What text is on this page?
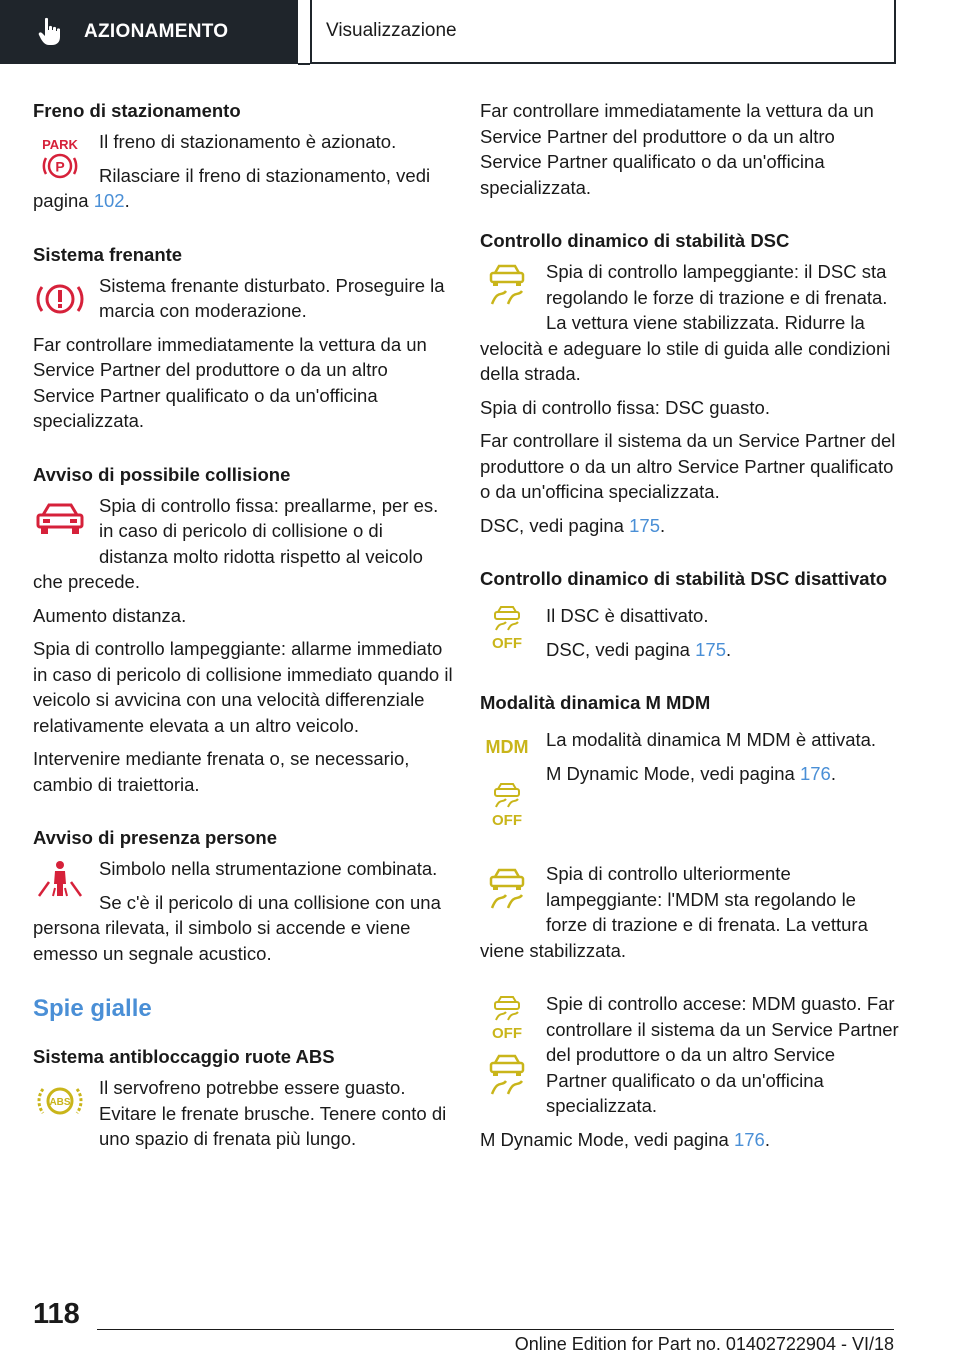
AZIONAMENTO	Visualizzazione

Freno di stazionamento

PARK
P

Il freno di stazionamento è azionato.

Rilasciare il freno di stazionamento, vedi pagina 102.

Sistema frenante

Sistema frenante disturbato. Proseguire la marcia con moderazione.

Far controllare immediatamente la vettura da un Service Partner del produttore o da un altro Service Partner qualificato o da un'officina specializzata.

Avviso di possibile collisione

Spia di controllo fissa: preallarme, per es. in caso di pericolo di collisione o di distanza molto ridotta rispetto al veicolo che precede.

Aumento distanza.

Spia di controllo lampeggiante: allarme immediato in caso di pericolo di collisione immediato quando il veicolo si avvicina con una velocità differenziale relativamente elevata a un altro veicolo.

Intervenire mediante frenata o, se necessario, cambio di traiettoria.

Avviso di presenza persone

Simbolo nella strumentazione combinata.

Se c'è il pericolo di una collisione con una persona rilevata, il simbolo si accende e viene emesso un segnale acustico.

Spie gialle

Sistema antibloccaggio ruote ABS

ABS

Il servofreno potrebbe essere guasto. Evitare le frenate brusche. Tenere conto di uno spazio di frenata più lungo.

Far controllare immediatamente la vettura da un Service Partner del produttore o da un altro Service Partner qualificato o da un'officina specializzata.

Controllo dinamico di stabilità DSC

Spia di controllo lampeggiante: il DSC sta regolando le forze di trazione e di frenata. La vettura viene stabilizzata. Ridurre la velocità e adeguare lo stile di guida alle condizioni della strada.

Spia di controllo fissa: DSC guasto.

Far controllare il sistema da un Service Partner del produttore o da un altro Service Partner qualificato o da un'officina specializzata.

DSC, vedi pagina 175.

Controllo dinamico di stabilità DSC disattivato

OFF

Il DSC è disattivato.

DSC, vedi pagina 175.

Modalità dinamica M MDM

MDM
OFF

La modalità dinamica M MDM è attivata.

M Dynamic Mode, vedi pagina 176.

Spia di controllo ulteriormente lampeggiante: l'MDM sta regolando le forze di trazione e di frenata. La vettura viene stabilizzata.

OFF

Spie di controllo accese: MDM guasto. Far controllare il sistema da un Service Partner del produttore o da un altro Service Partner qualificato o da un'officina specializzata.

M Dynamic Mode, vedi pagina 176.

118
Online Edition for Part no. 01402722904 - VI/18
